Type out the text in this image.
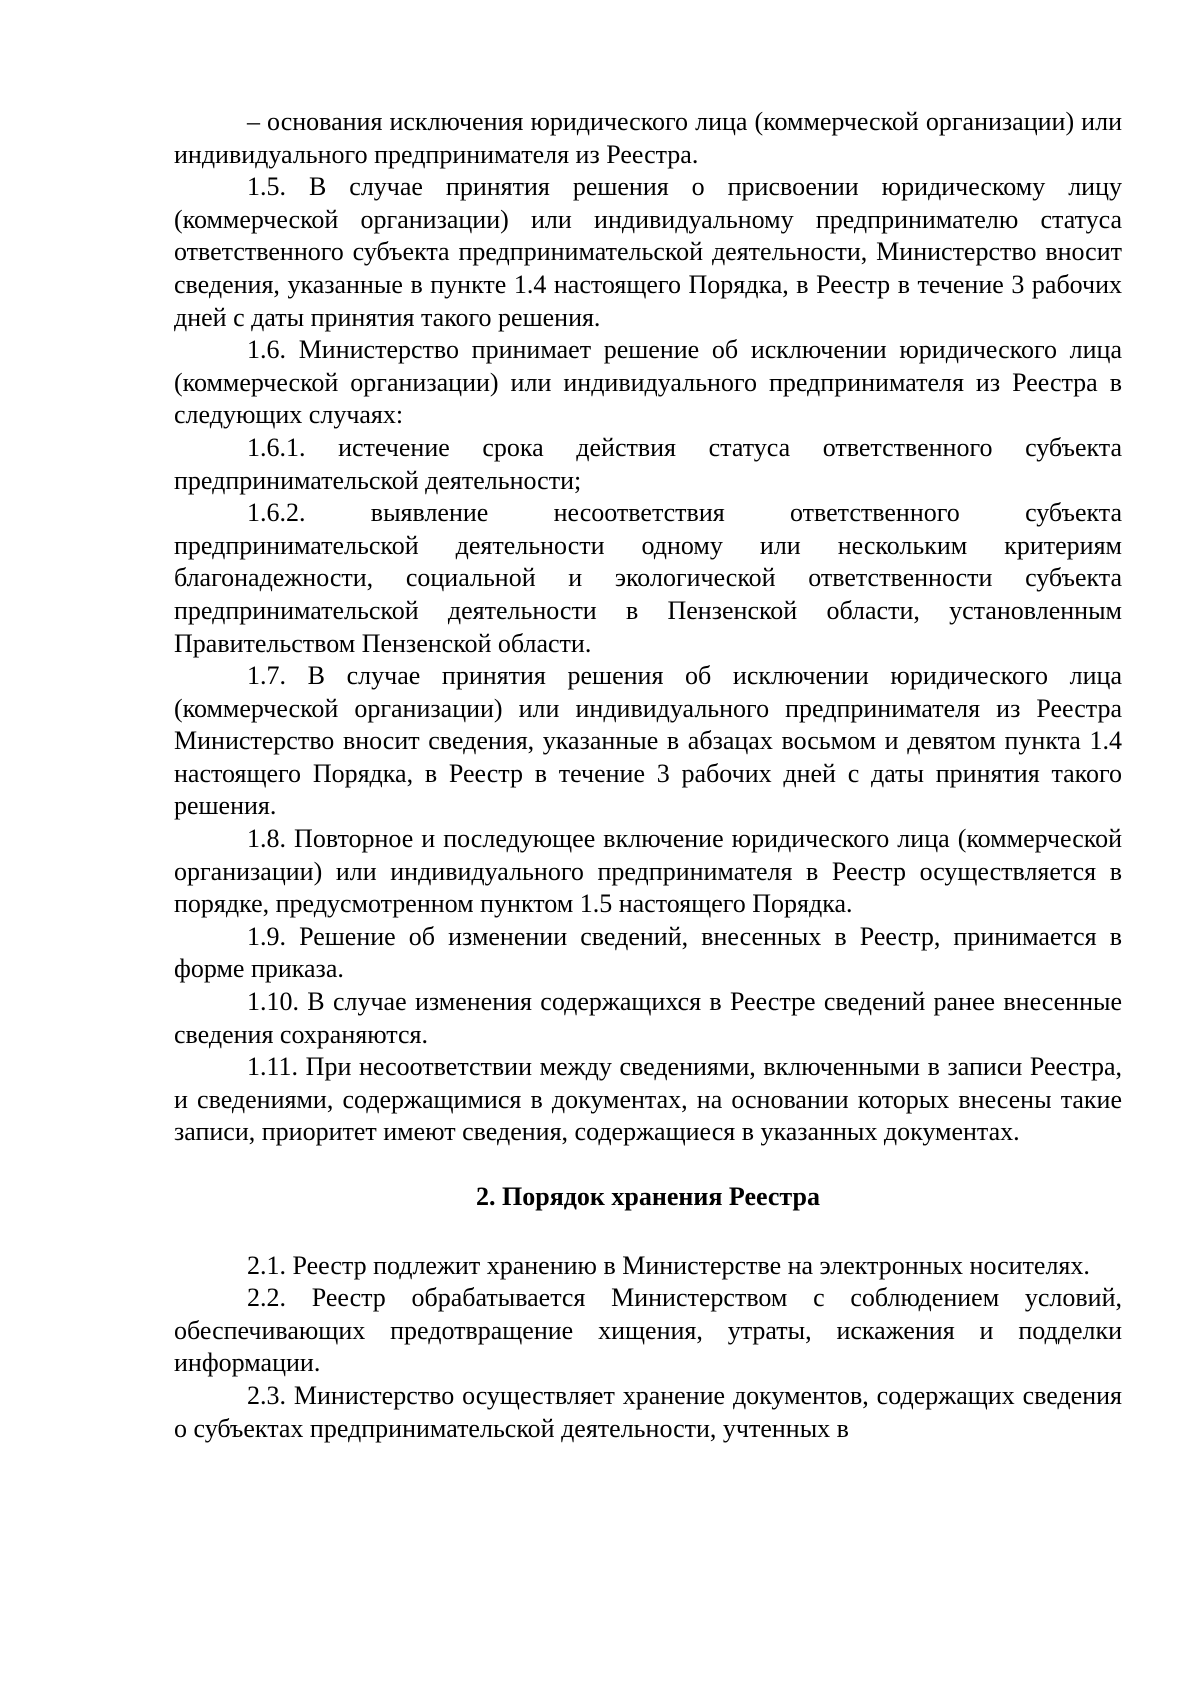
– основания исключения юридического лица (коммерческой организации) или индивидуального предпринимателя из Реестра.

1.5. В случае принятия решения о присвоении юридическому лицу (коммерческой организации) или индивидуальному предпринимателю статуса ответственного субъекта предпринимательской деятельности, Министерство вносит сведения, указанные в пункте 1.4 настоящего Порядка, в Реестр в течение 3 рабочих дней с даты принятия такого решения.

1.6. Министерство принимает решение об исключении юридического лица (коммерческой организации) или индивидуального предпринимателя из Реестра в следующих случаях:

1.6.1. истечение срока действия статуса ответственного субъекта предпринимательской деятельности;

1.6.2. выявление несоответствия ответственного субъекта предпринимательской деятельности одному или нескольким критериям благонадежности, социальной и экологической ответственности субъекта предпринимательской деятельности в Пензенской области, установленным Правительством Пензенской области.

1.7. В случае принятия решения об исключении юридического лица (коммерческой организации) или индивидуального предпринимателя из Реестра Министерство вносит сведения, указанные в абзацах восьмом и девятом пункта 1.4 настоящего Порядка, в Реестр в течение 3 рабочих дней с даты принятия такого решения.

1.8. Повторное и последующее включение юридического лица (коммерческой организации) или индивидуального предпринимателя в Реестр осуществляется в порядке, предусмотренном пунктом 1.5 настоящего Порядка.

1.9. Решение об изменении сведений, внесенных в Реестр, принимается в форме приказа.

1.10. В случае изменения содержащихся в Реестре сведений ранее внесенные сведения сохраняются.

1.11. При несоответствии между сведениями, включенными в записи Реестра, и сведениями, содержащимися в документах, на основании которых внесены такие записи, приоритет имеют сведения, содержащиеся в указанных документах.

2. Порядок хранения Реестра

2.1. Реестр подлежит хранению в Министерстве на электронных носителях.

2.2. Реестр обрабатывается Министерством с соблюдением условий, обеспечивающих предотвращение хищения, утраты, искажения и подделки информации.

2.3. Министерство осуществляет хранение документов, содержащих сведения о субъектах предпринимательской деятельности, учтенных в
